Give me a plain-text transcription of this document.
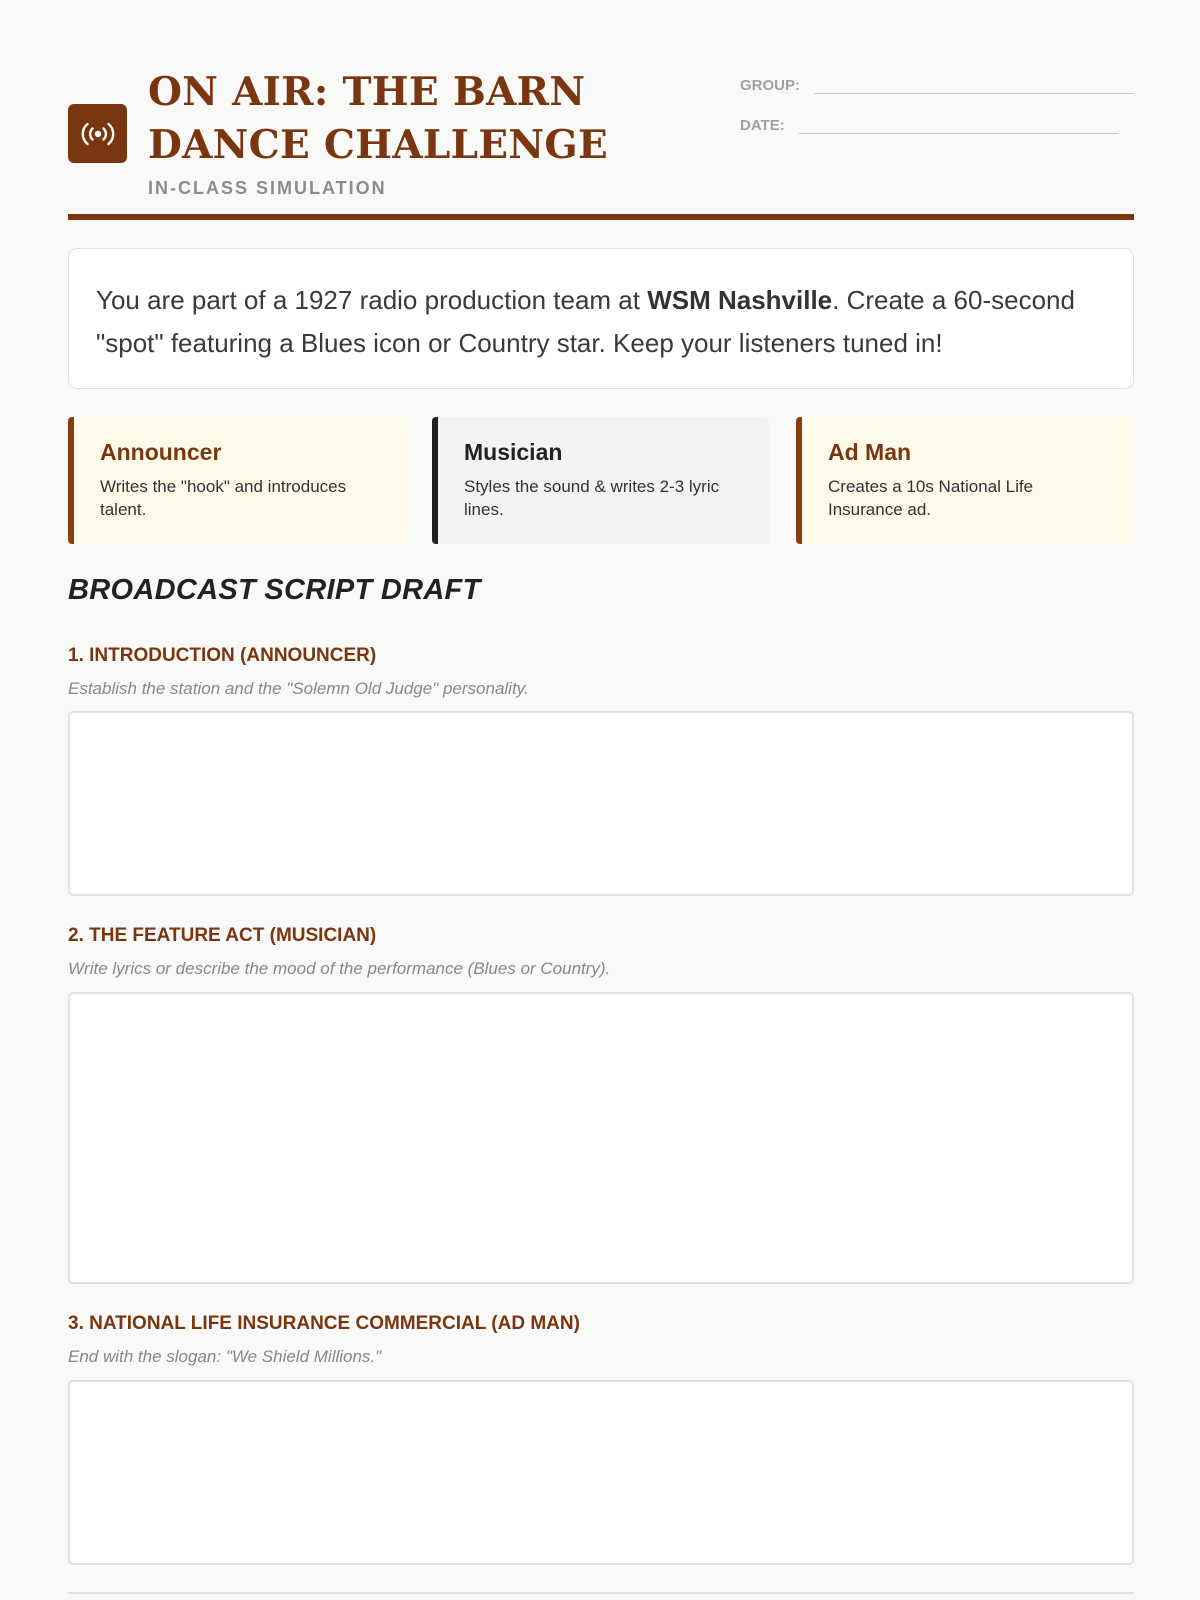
ON AIR: THE BARN DANCE CHALLENGE
IN-CLASS SIMULATION
GROUP:
DATE:
You are part of a 1927 radio production team at WSM Nashville. Create a 60-second "spot" featuring a Blues icon or Country star. Keep your listeners tuned in!
Announcer
Writes the "hook" and introduces talent.
Musician
Styles the sound & writes 2-3 lyric lines.
Ad Man
Creates a 10s National Life Insurance ad.
BROADCAST SCRIPT DRAFT
1. INTRODUCTION (ANNOUNCER)
Establish the station and the "Solemn Old Judge" personality.
2. THE FEATURE ACT (MUSICIAN)
Write lyrics or describe the mood of the performance (Blues or Country).
3. NATIONAL LIFE INSURANCE COMMERCIAL (AD MAN)
End with the slogan: "We Shield Millions."
